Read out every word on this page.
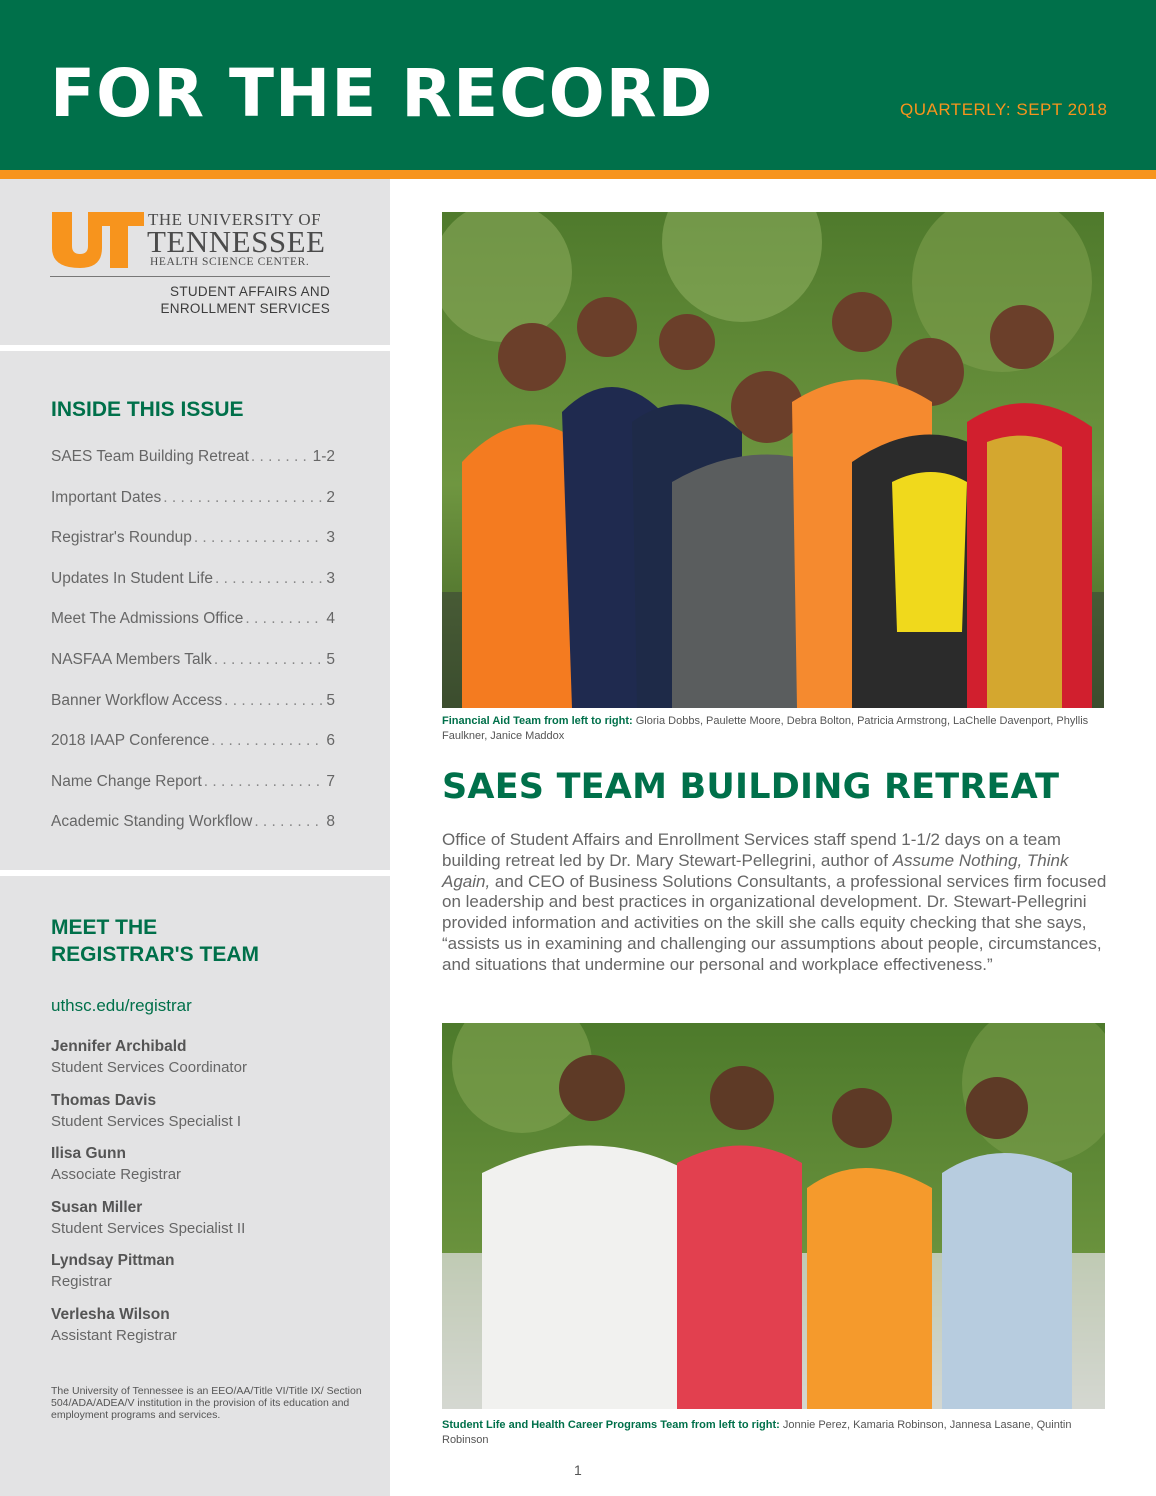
FOR THE RECORD	QUARTERLY: SEPT 2018
THE UNIVERSITY OF
TENNESSEE
HEALTH SCIENCE CENTER.
STUDENT AFFAIRS AND
ENROLLMENT SERVICES
INSIDE THIS ISSUE
SAES Team Building Retreat . . .	1-2
Important Dates . . .	2
Registrar's Roundup . . .	3
Updates In Student Life . . .	3
Meet The Admissions Office . . .	4
NASFAA Members Talk . . .	5
Banner Workflow Access . . .	5
2018 IAAP Conference . . .	6
Name Change Report . . .	7
Academic Standing Workflow . . .	8
MEET THE
REGISTRAR'S TEAM
uthsc.edu/registrar
Jennifer Archibald
Student Services Coordinator
Thomas Davis
Student Services Specialist I
Ilisa Gunn
Associate Registrar
Susan Miller
Student Services Specialist II
Lyndsay Pittman
Registrar
Verlesha Wilson
Assistant Registrar
The University of Tennessee is an EEO/AA/Title VI/Title IX/ Section 504/ADA/ADEA/V institution in the provision of its education and employment programs and services.
Financial Aid Team from left to right: Gloria Dobbs, Paulette Moore, Debra Bolton, Patricia Armstrong, LaChelle Davenport, Phyllis Faulkner, Janice Maddox
SAES TEAM BUILDING RETREAT
Office of Student Affairs and Enrollment Services staff spend 1-1/2 days on a team building retreat led by Dr. Mary Stewart-Pellegrini, author of Assume Nothing, Think Again, and CEO of Business Solutions Consultants, a professional services firm focused on leadership and best practices in organizational development. Dr. Stewart-Pellegrini provided information and activities on the skill she calls equity checking that she says, “assists us in examining and challenging our assumptions about people, circumstances, and situations that undermine our personal and workplace effectiveness.”
Student Life and Health Career Programs Team from left to right: Jonnie Perez, Kamaria Robinson, Jannesa Lasane, Quintin Robinson
1
